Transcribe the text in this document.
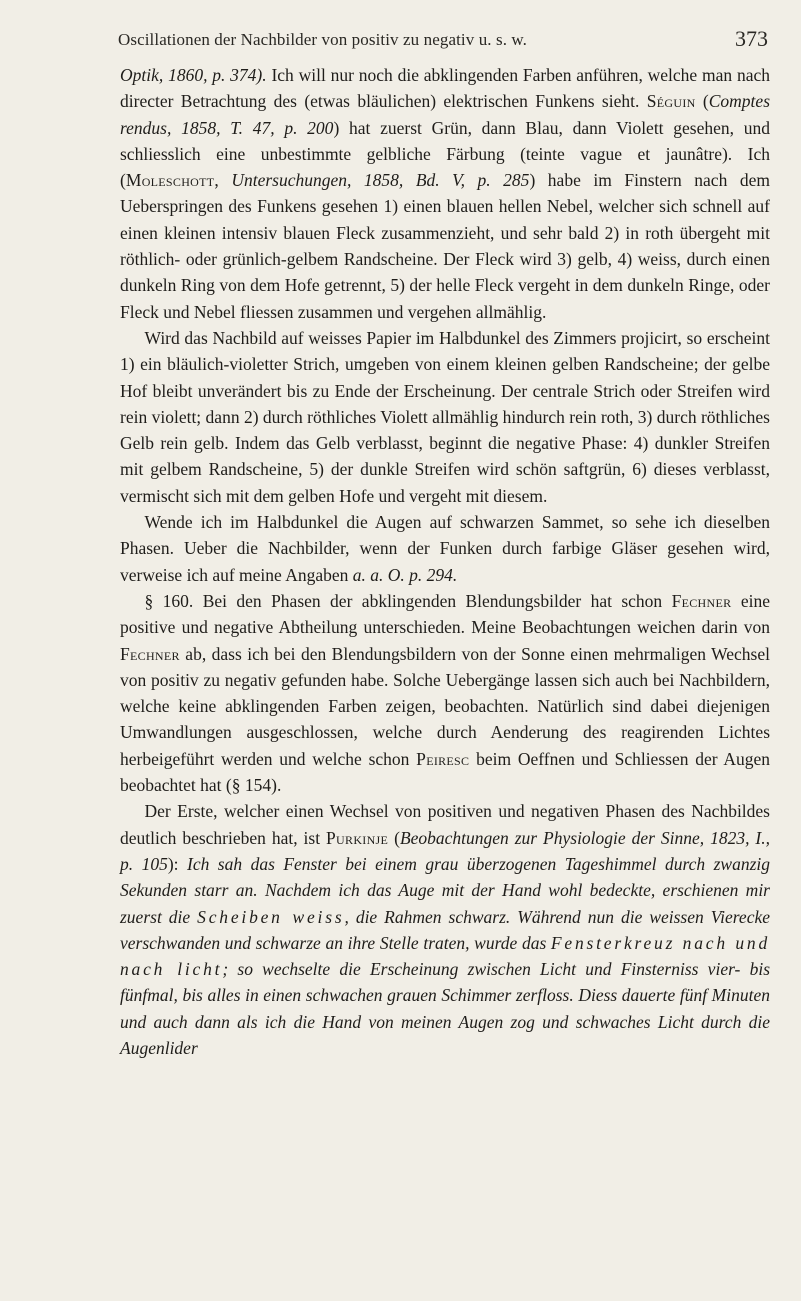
Oscillationen der Nachbilder von positiv zu negativ u. s. w.	373

Optik, 1860, p. 374). Ich will nur noch die abklingenden Farben anführen, welche man nach directer Betrachtung des (etwas bläulichen) elektrischen Funkens sieht. Séguin (Comptes rendus, 1858, T. 47, p. 200) hat zuerst Grün, dann Blau, dann Violett gesehen, und schliesslich eine unbestimmte gelbliche Färbung (teinte vague et jaunâtre). Ich (Moleschott, Untersuchungen, 1858, Bd. V, p. 285) habe im Finstern nach dem Ueberspringen des Funkens gesehen 1) einen blauen hellen Nebel, welcher sich schnell auf einen kleinen intensiv blauen Fleck zusammenzieht, und sehr bald 2) in roth übergeht mit röthlich- oder grünlich-gelbem Randscheine. Der Fleck wird 3) gelb, 4) weiss, durch einen dunkeln Ring von dem Hofe getrennt, 5) der helle Fleck vergeht in dem dunkeln Ringe, oder Fleck und Nebel fliessen zusammen und vergehen allmählig.

Wird das Nachbild auf weisses Papier im Halbdunkel des Zimmers projicirt, so erscheint 1) ein bläulich-violetter Strich, umgeben von einem kleinen gelben Randscheine; der gelbe Hof bleibt unverändert bis zu Ende der Erscheinung. Der centrale Strich oder Streifen wird rein violett; dann 2) durch röthliches Violett allmählig hindurch rein roth, 3) durch röthliches Gelb rein gelb. Indem das Gelb verblasst, beginnt die negative Phase: 4) dunkler Streifen mit gelbem Randscheine, 5) der dunkle Streifen wird schön saftgrün, 6) dieses verblasst, vermischt sich mit dem gelben Hofe und vergeht mit diesem.

Wende ich im Halbdunkel die Augen auf schwarzen Sammet, so sehe ich dieselben Phasen. Ueber die Nachbilder, wenn der Funken durch farbige Gläser gesehen wird, verweise ich auf meine Angaben a. a. O. p. 294.

§ 160. Bei den Phasen der abklingenden Blendungsbilder hat schon Fechner eine positive und negative Abtheilung unterschieden. Meine Beobachtungen weichen darin von Fechner ab, dass ich bei den Blendungsbildern von der Sonne einen mehrmaligen Wechsel von positiv zu negativ gefunden habe. Solche Uebergänge lassen sich auch bei Nachbildern, welche keine abklingenden Farben zeigen, beobachten. Natürlich sind dabei diejenigen Umwandlungen ausgeschlossen, welche durch Aenderung des reagirenden Lichtes herbeigeführt werden und welche schon Peiresc beim Oeffnen und Schliessen der Augen beobachtet hat (§ 154).

Der Erste, welcher einen Wechsel von positiven und negativen Phasen des Nachbildes deutlich beschrieben hat, ist Purkinje (Beobachtungen zur Physiologie der Sinne, 1823, I., p. 105): Ich sah das Fenster bei einem grau überzogenen Tageshimmel durch zwanzig Sekunden starr an. Nachdem ich das Auge mit der Hand wohl bedeckte, erschienen mir zuerst die Scheiben weiss, die Rahmen schwarz. Während nun die weissen Vierecke verschwanden und schwarze an ihre Stelle traten, wurde das Fensterkreuz nach und nach licht; so wechselte die Erscheinung zwischen Licht und Finsterniss vier- bis fünfmal, bis alles in einen schwachen grauen Schimmer zerfloss. Diess dauerte fünf Minuten und auch dann als ich die Hand von meinen Augen zog und schwaches Licht durch die Augenlider
